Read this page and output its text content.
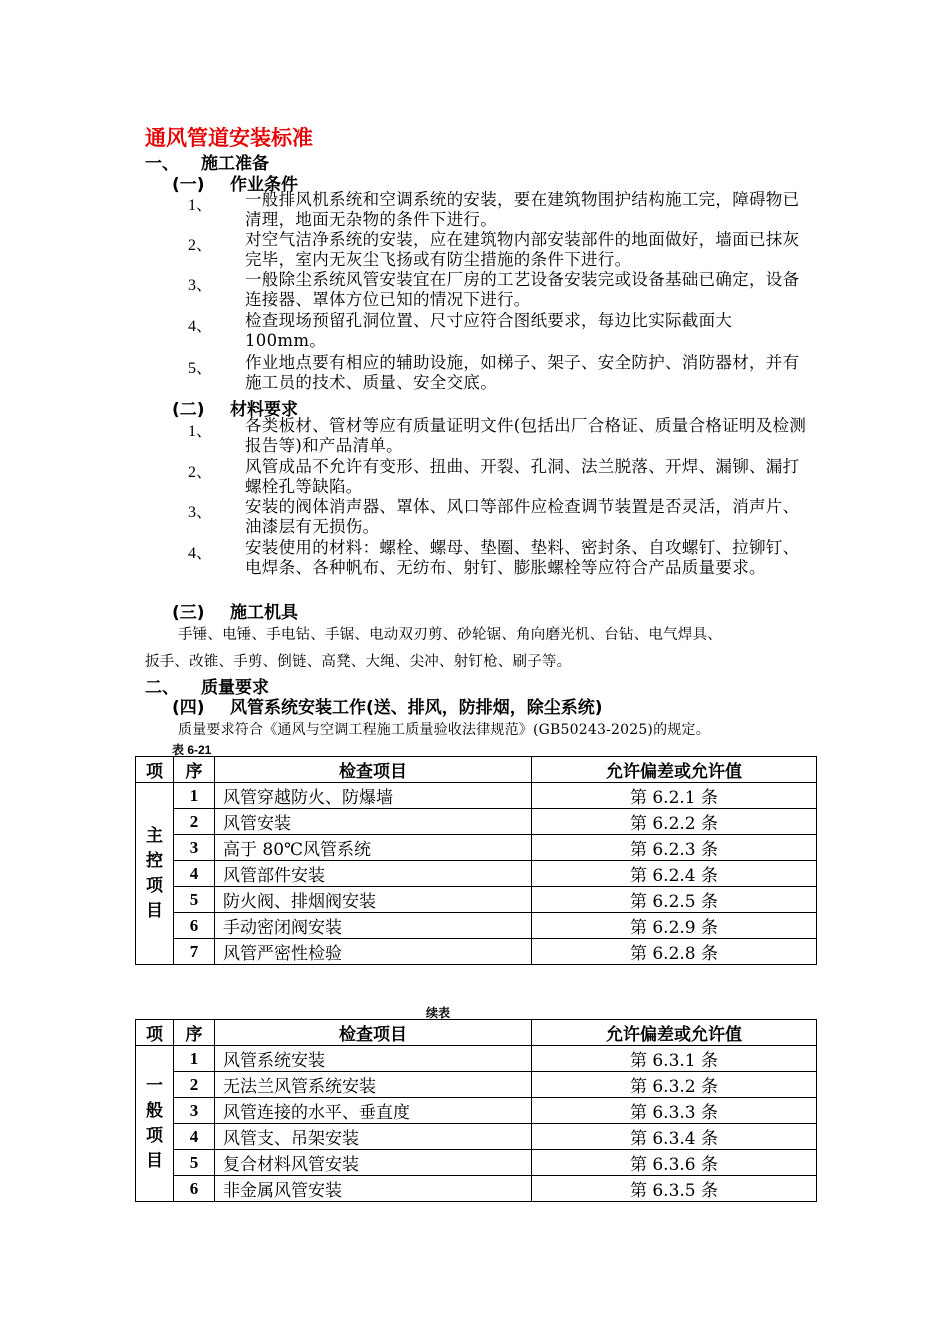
通风管道安装标准
一、 施工准备
(一) 作业条件
1、 一般排风机系统和空调系统的安装，要在建筑物围护结构施工完，障碍物已清理，地面无杂物的条件下进行。
2、 对空气洁净系统的安装，应在建筑物内部安装部件的地面做好，墙面已抹灰完毕，室内无灰尘飞扬或有防尘措施的条件下进行。
3、 一般除尘系统风管安装宜在厂房的工艺设备安装完或设备基础已确定，设备连接器、罩体方位已知的情况下进行。
4、 检查现场预留孔洞位置、尺寸应符合图纸要求，每边比实际截面大100mm。
5、 作业地点要有相应的辅助设施，如梯子、架子、安全防护、消防器材，并有施工员的技术、质量、安全交底。
(二) 材料要求
1、 各类板材、管材等应有质量证明文件(包括出厂合格证、质量合格证明及检测报告等)和产品清单。
2、 风管成品不允许有变形、扭曲、开裂、孔洞、法兰脱落、开焊、漏铆、漏打螺栓孔等缺陷。
3、 安装的阀体消声器、罩体、风口等部件应检查调节装置是否灵活，消声片、油漆层有无损伤。
4、 安装使用的材料：螺栓、螺母、垫圈、垫料、密封条、自攻螺钉、拉铆钉、电焊条、各种帆布、无纺布、射钉、膨胀螺栓等应符合产品质量要求。
(三) 施工机具
手锤、电锤、手电钻、手锯、电动双刃剪、砂轮锯、角向磨光机、台钻、电气焊具、
扳手、改锥、手剪、倒链、高凳、大绳、尖冲、射钉枪、刷子等。
二、 质量要求
(四) 风管系统安装工作(送、排风，防排烟，除尘系统)
质量要求符合《通风与空调工程施工质量验收法律规范》(GB50243-2025)的规定。
表 6-21
项	序	检查项目	允许偏差或允许值

主
控
项
目	1	风管穿越防火、防爆墙	第 6.2.1 条
	2	风管安装	第 6.2.2 条
	3	高于 80℃风管系统	第 6.2.3 条
	4	风管部件安装	第 6.2.4 条
	5	防火阀、排烟阀安装	第 6.2.5 条
	6	手动密闭阀安装	第 6.2.9 条
	7	风管严密性检验	第 6.2.8 条
续表
项	序	检查项目	允许偏差或允许值

一
般
项
目	1	风管系统安装	第 6.3.1 条
	2	无法兰风管系统安装	第 6.3.2 条
	3	风管连接的水平、垂直度	第 6.3.3 条
	4	风管支、吊架安装	第 6.3.4 条
	5	复合材料风管安装	第 6.3.6 条
	6	非金属风管安装	第 6.3.5 条
